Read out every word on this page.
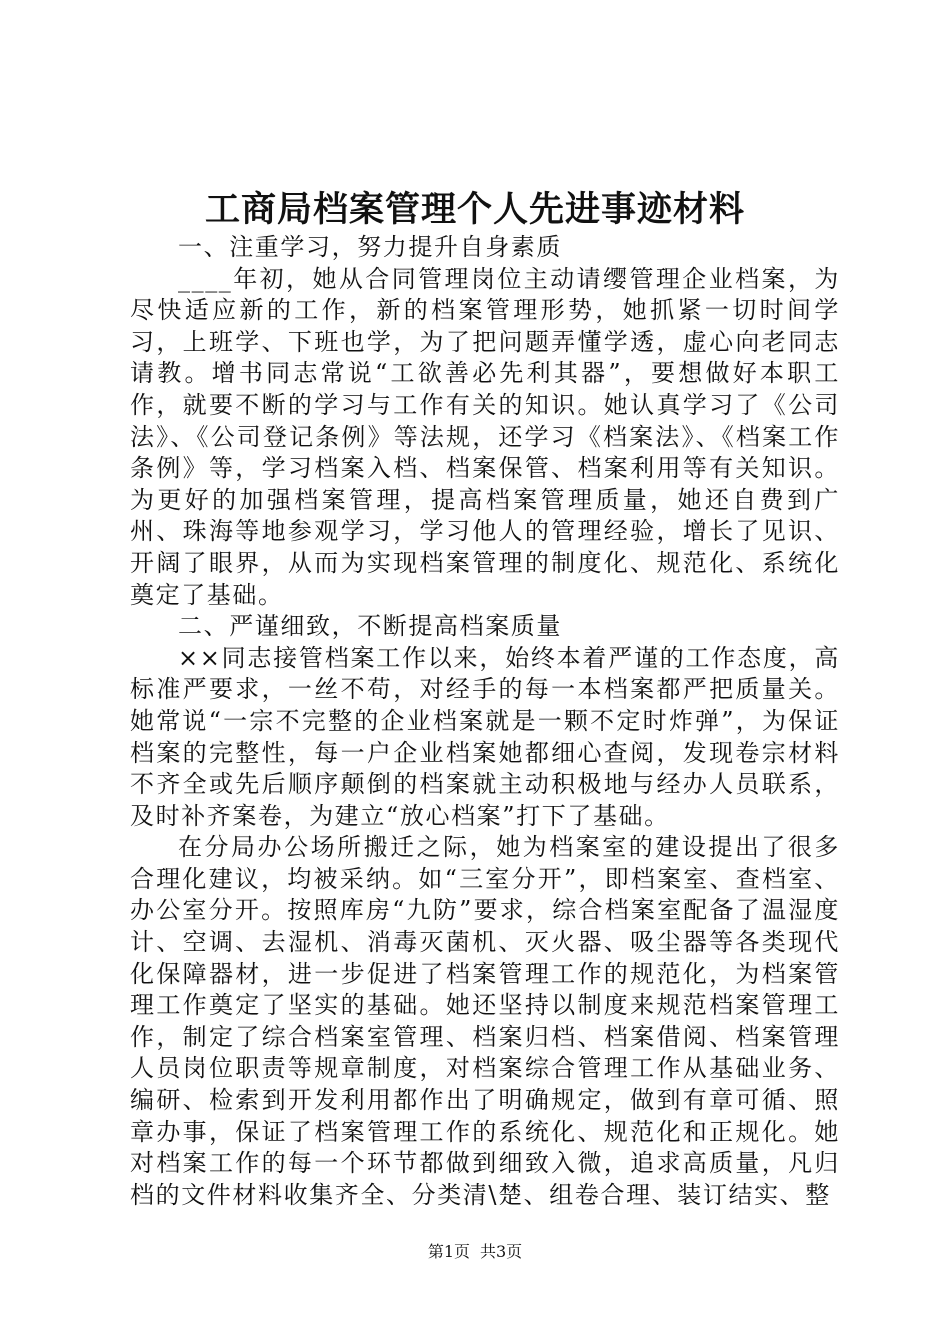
工商局档案管理个人先进事迹材料

一、注重学习，努力提升自身素质

____年初，她从合同管理岗位主动请缨管理企业档案，为尽快适应新的工作，新的档案管理形势，她抓紧一切时间学习，上班学、下班也学，为了把问题弄懂学透，虚心向老同志请教。增书同志常说“工欲善必先利其器”，要想做好本职工作，就要不断的学习与工作有关的知识。她认真学习了《公司法》、《公司登记条例》等法规，还学习《档案法》、《档案工作条例》等，学习档案入档、档案保管、档案利用等有关知识。为更好的加强档案管理，提高档案管理质量，她还自费到广州、珠海等地参观学习，学习他人的管理经验，增长了见识、开阔了眼界，从而为实现档案管理的制度化、规范化、系统化奠定了基础。

二、严谨细致，不断提高档案质量

××同志接管档案工作以来，始终本着严谨的工作态度，高标准严要求，一丝不苟，对经手的每一本档案都严把质量关。她常说“一宗不完整的企业档案就是一颗不定时炸弹”，为保证档案的完整性，每一户企业档案她都细心查阅，发现卷宗材料不齐全或先后顺序颠倒的档案就主动积极地与经办人员联系，及时补齐案卷，为建立“放心档案”打下了基础。

在分局办公场所搬迁之际，她为档案室的建设提出了很多合理化建议，均被采纳。如“三室分开”，即档案室、查档室、办公室分开。按照库房“九防”要求，综合档案室配备了温湿度计、空调、去湿机、消毒灭菌机、灭火器、吸尘器等各类现代化保障器材，进一步促进了档案管理工作的规范化，为档案管理工作奠定了坚实的基础。她还坚持以制度来规范档案管理工作，制定了综合档案室管理、档案归档、档案借阅、档案管理人员岗位职责等规章制度，对档案综合管理工作从基础业务、编研、检索到开发利用都作出了明确规定，做到有章可循、照章办事，保证了档案管理工作的系统化、规范化和正规化。她对档案工作的每一个环节都做到细致入微，追求高质量，凡归档的文件材料收集齐全、分类清\楚、组卷合理、装订结实、整

第1页 共3页
